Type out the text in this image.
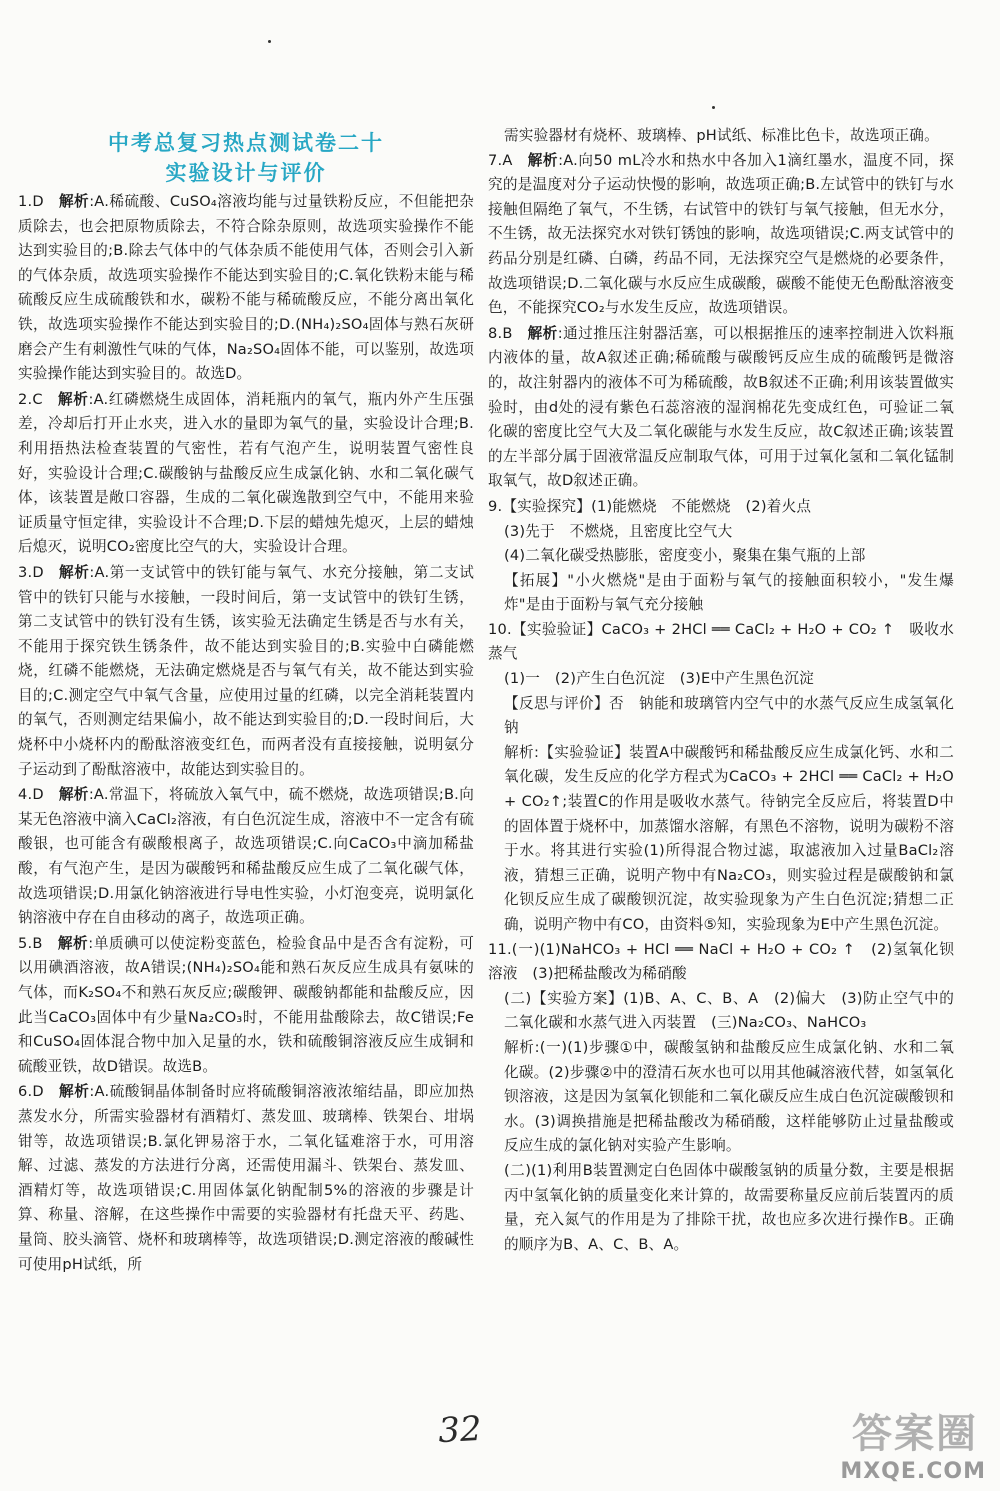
中考总复习热点测试卷二十
实验设计与评价
1.D 解析:A.稀硫酸、CuSO₄溶液均能与过量铁粉反应，不但能把杂质除去，也会把原物质除去，不符合除杂原则，故选项实验操作不能达到实验目的;B.除去气体中的气体杂质不能使用气体，否则会引入新的气体杂质，故选项实验操作不能达到实验目的;C.氧化铁粉末能与稀硫酸反应生成硫酸铁和水，碳粉不能与稀硫酸反应，不能分离出氧化铁，故选项实验操作不能达到实验目的;D.(NH₄)₂SO₄固体与熟石灰研磨会产生有刺激性气味的气体，Na₂SO₄固体不能，可以鉴别，故选项实验操作能达到实验目的。故选D。
2.C 解析:A.红磷燃烧生成固体，消耗瓶内的氧气，瓶内外产生压强差，冷却后打开止水夹，进入水的量即为氧气的量，实验设计合理;B.利用捂热法检查装置的气密性，若有气泡产生，说明装置气密性良好，实验设计合理;C.碳酸钠与盐酸反应生成氯化钠、水和二氧化碳气体，该装置是敞口容器，生成的二氧化碳逸散到空气中，不能用来验证质量守恒定律，实验设计不合理;D.下层的蜡烛先熄灭，上层的蜡烛后熄灭，说明CO₂密度比空气的大，实验设计合理。
3.D 解析:A.第一支试管中的铁钉能与氧气、水充分接触，第二支试管中的铁钉只能与水接触，一段时间后，第一支试管中的铁钉生锈，第二支试管中的铁钉没有生锈，该实验无法确定生锈是否与水有关，不能用于探究铁生锈条件，故不能达到实验目的;B.实验中白磷能燃烧，红磷不能燃烧，无法确定燃烧是否与氧气有关，故不能达到实验目的;C.测定空气中氧气含量，应使用过量的红磷，以完全消耗装置内的氧气，否则测定结果偏小，故不能达到实验目的;D.一段时间后，大烧杯中小烧杯内的酚酞溶液变红色，而两者没有直接接触，说明氨分子运动到了酚酞溶液中，故能达到实验目的。
4.D 解析:A.常温下，将硫放入氧气中，硫不燃烧，故选项错误;B.向某无色溶液中滴入CaCl₂溶液，有白色沉淀生成，溶液中不一定含有硫酸银，也可能含有碳酸根离子，故选项错误;C.向CaCO₃中滴加稀盐酸，有气泡产生，是因为碳酸钙和稀盐酸反应生成了二氧化碳气体，故选项错误;D.用氯化钠溶液进行导电性实验，小灯泡变亮，说明氯化钠溶液中存在自由移动的离子，故选项正确。
5.B 解析:单质碘可以使淀粉变蓝色，检验食品中是否含有淀粉，可以用碘酒溶液，故A错误;(NH₄)₂SO₄能和熟石灰反应生成具有氨味的气体，而K₂SO₄不和熟石灰反应;碳酸钾、碳酸钠都能和盐酸反应，因此当CaCO₃固体中有少量Na₂CO₃时，不能用盐酸除去，故C错误;Fe和CuSO₄固体混合物中加入足量的水，铁和硫酸铜溶液反应生成铜和硫酸亚铁，故D错误。故选B。
6.D 解析:A.硫酸铜晶体制备时应将硫酸铜溶液浓缩结晶，即应加热蒸发水分，所需实验器材有酒精灯、蒸发皿、玻璃棒、铁架台、坩埚钳等，故选项错误;B.氯化钾易溶于水，二氧化锰难溶于水，可用溶解、过滤、蒸发的方法进行分离，还需使用漏斗、铁架台、蒸发皿、酒精灯等，故选项错误;C.用固体氯化钠配制5%的溶液的步骤是计算、称量、溶解，在这些操作中需要的实验器材有托盘天平、药匙、量筒、胶头滴管、烧杯和玻璃棒等，故选项错误;D.测定溶液的酸碱性可使用pH试纸，所
需实验器材有烧杯、玻璃棒、pH试纸、标准比色卡，故选项正确。
7.A 解析:A.向50 mL冷水和热水中各加入1滴红墨水，温度不同，探究的是温度对分子运动快慢的影响，故选项正确;B.左试管中的铁钉与水接触但隔绝了氧气，不生锈，右试管中的铁钉与氧气接触，但无水分，不生锈，故无法探究水对铁钉锈蚀的影响，故选项错误;C.两支试管中的药品分别是红磷、白磷，药品不同，无法探究空气是燃烧的必要条件，故选项错误;D.二氧化碳与水反应生成碳酸，碳酸不能使无色酚酞溶液变色，不能探究CO₂与水发生反应，故选项错误。
8.B 解析:通过推压注射器活塞，可以根据推压的速率控制进入饮料瓶内液体的量，故A叙述正确;稀硫酸与碳酸钙反应生成的硫酸钙是微溶的，故注射器内的液体不可为稀硫酸，故B叙述不正确;利用该装置做实验时，由d处的浸有紫色石蕊溶液的湿润棉花先变成红色，可验证二氧化碳的密度比空气大及二氧化碳能与水发生反应，故C叙述正确;该装置的左半部分属于固液常温反应制取气体，可用于过氧化氢和二氧化锰制取氧气，故D叙述正确。
9.【实验探究】(1)能燃烧　不能燃烧　(2)着火点
(3)先于　不燃烧，且密度比空气大
(4)二氧化碳受热膨胀，密度变小，聚集在集气瓶的上部
【拓展】"小火燃烧"是由于面粉与氧气的接触面积较小，"发生爆炸"是由于面粉与氧气充分接触
10.【实验验证】CaCO₃ + 2HCl ══ CaCl₂ + H₂O + CO₂ ↑　吸收水蒸气
(1)一　(2)产生白色沉淀　(3)E中产生黑色沉淀
【反思与评价】否　钠能和玻璃管内空气中的水蒸气反应生成氢氧化钠
解析:【实验验证】装置A中碳酸钙和稀盐酸反应生成氯化钙、水和二氧化碳，发生反应的化学方程式为CaCO₃ + 2HCl ══ CaCl₂ + H₂O + CO₂↑;装置C的作用是吸收水蒸气。待钠完全反应后，将装置D中的固体置于烧杯中，加蒸馏水溶解，有黑色不溶物，说明为碳粉不溶于水。将其进行实验(1)所得混合物过滤，取滤液加入过量BaCl₂溶液，猜想三正确，说明产物中有Na₂CO₃，则实验过程是碳酸钠和氯化钡反应生成了碳酸钡沉淀，故实验现象为产生白色沉淀;猜想二正确，说明产物中有CO，由资料⑤知，实验现象为E中产生黑色沉淀。
11.(一)(1)NaHCO₃ + HCl ══ NaCl + H₂O + CO₂ ↑　(2)氢氧化钡溶液　(3)把稀盐酸改为稀硝酸
(二)【实验方案】(1)B、A、C、B、A　(2)偏大　(3)防止空气中的二氧化碳和水蒸气进入丙装置　(三)Na₂CO₃、NaHCO₃
解析:(一)(1)步骤①中，碳酸氢钠和盐酸反应生成氯化钠、水和二氧化碳。(2)步骤②中的澄清石灰水也可以用其他碱溶液代替，如氢氧化钡溶液，这是因为氢氧化钡能和二氧化碳反应生成白色沉淀碳酸钡和水。(3)调换措施是把稀盐酸改为稀硝酸，这样能够防止过量盐酸或反应生成的氯化钠对实验产生影响。
(二)(1)利用B装置测定白色固体中碳酸氢钠的质量分数，主要是根据丙中氢氧化钠的质量变化来计算的，故需要称量反应前后装置丙的质量，充入氮气的作用是为了排除干扰，故也应多次进行操作B。正确的顺序为B、A、C、B、A。
32	答案圈
MXQE.COM
